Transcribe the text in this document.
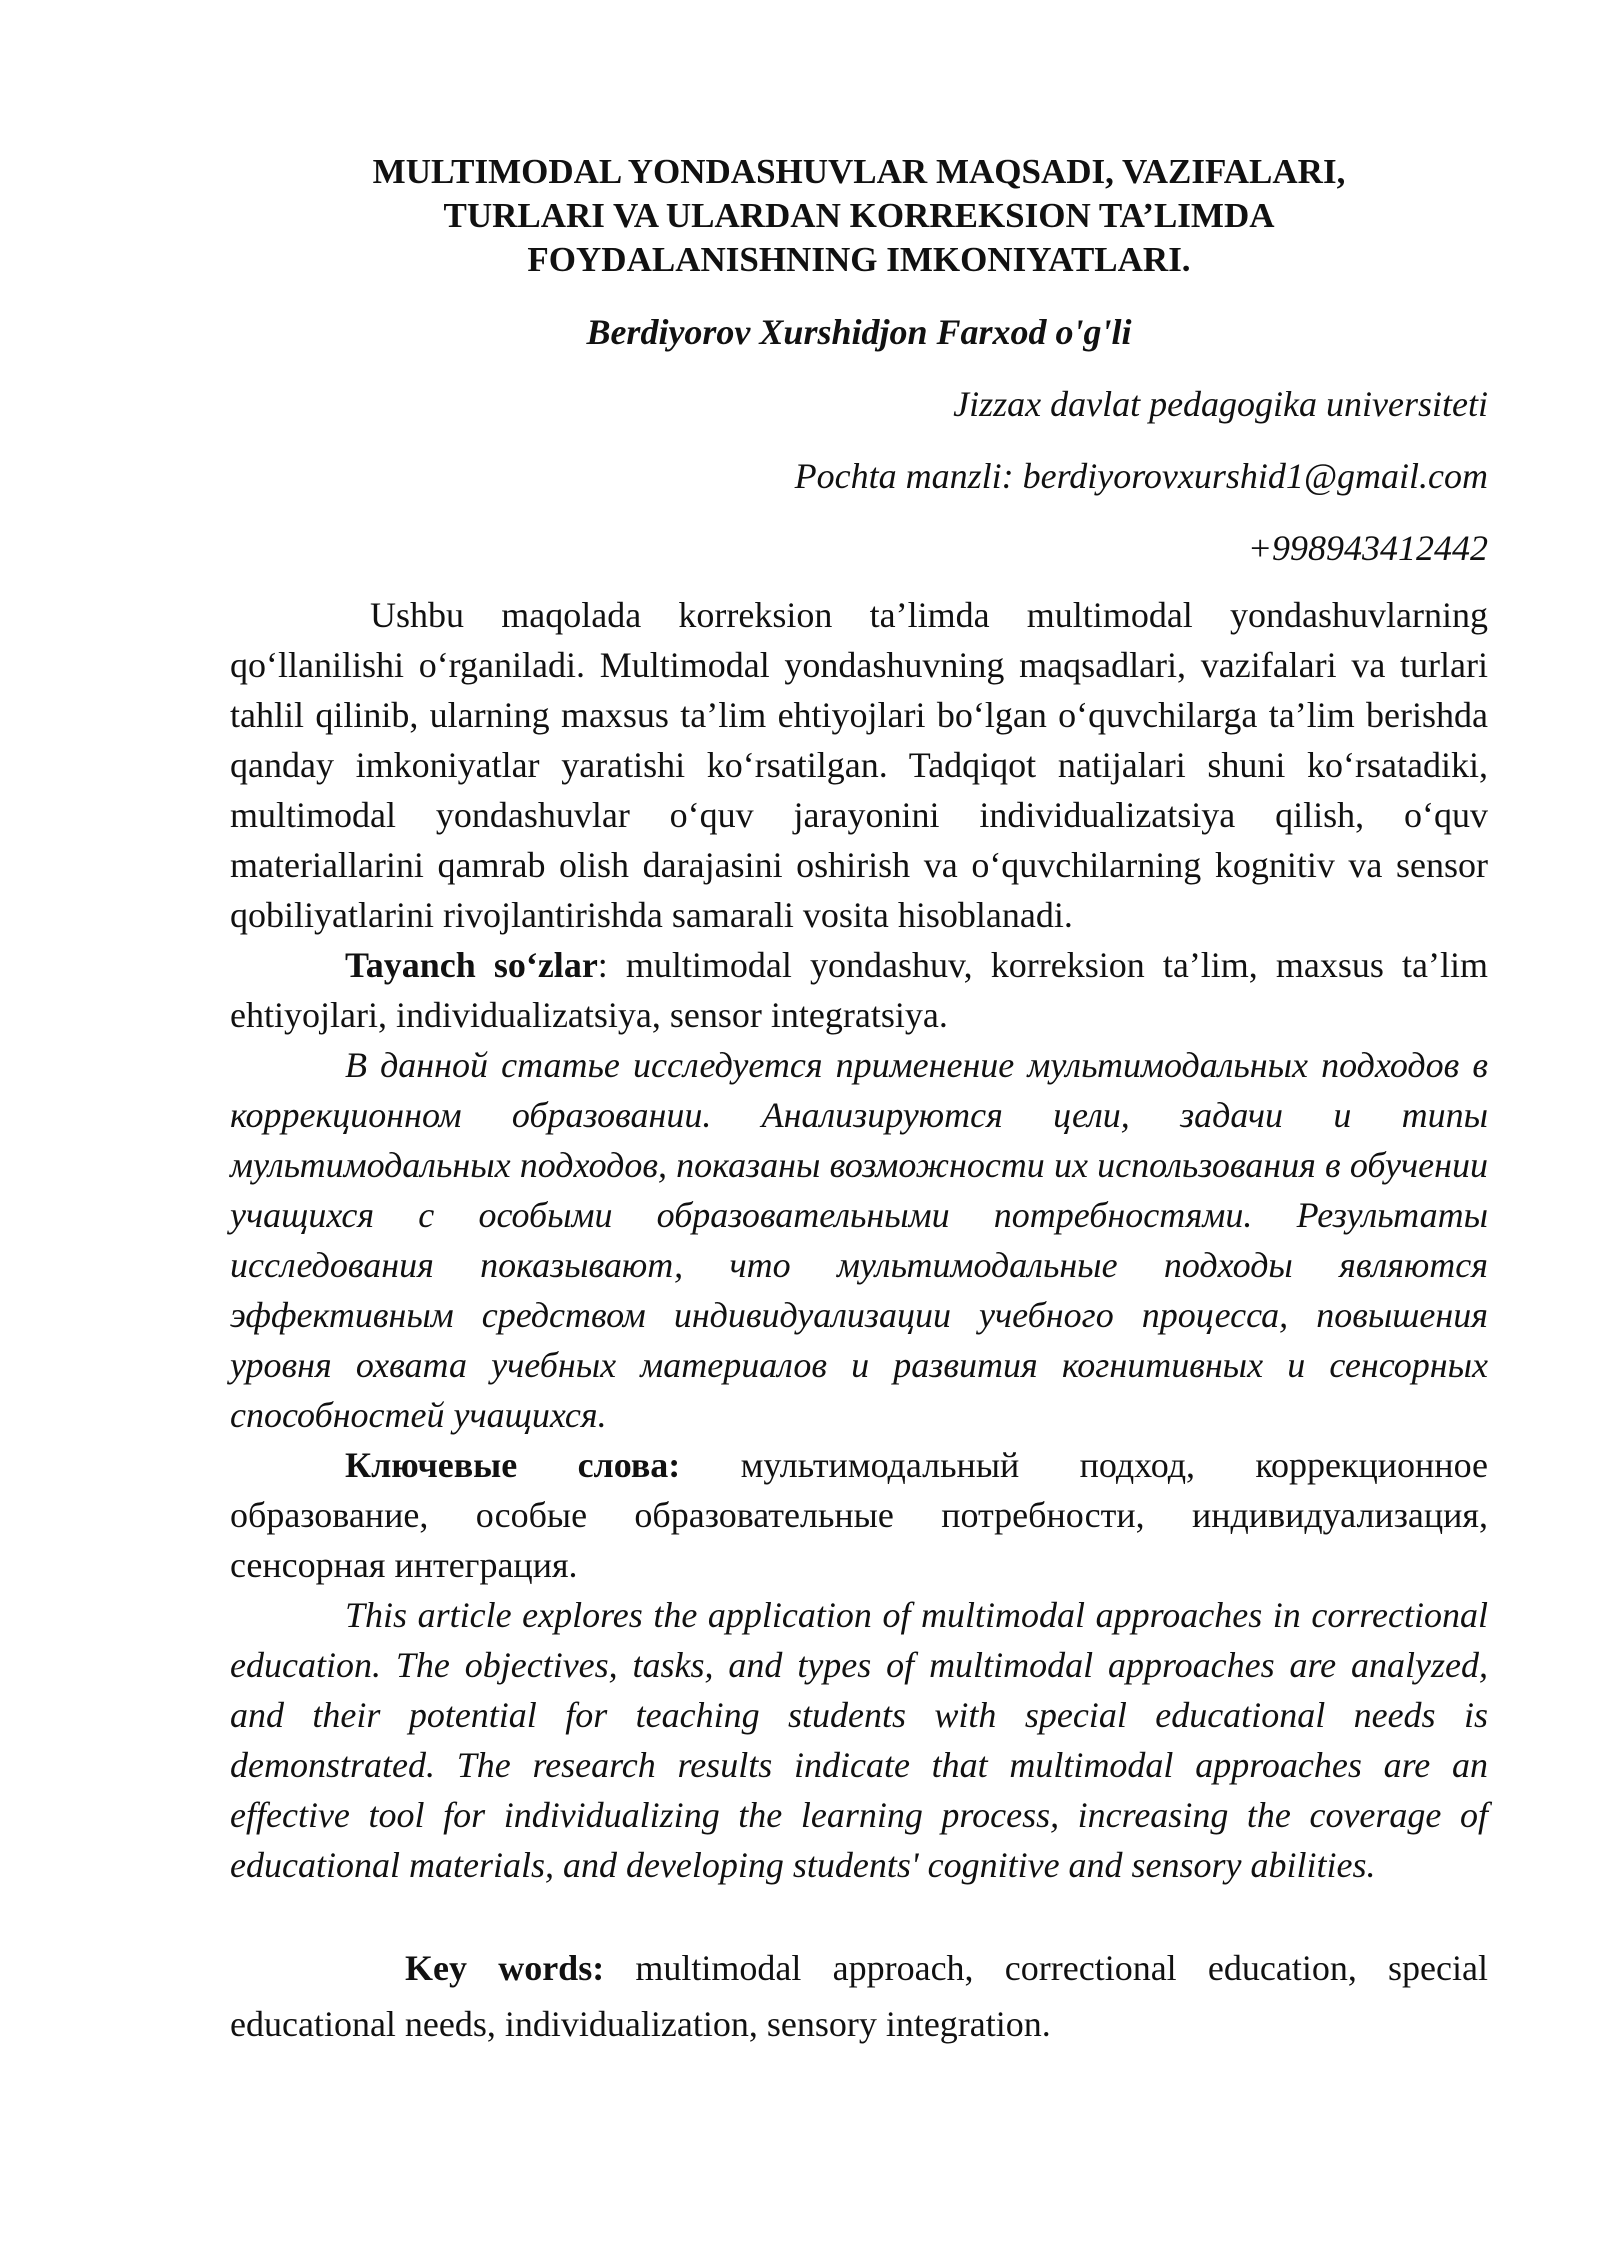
MULTIMODAL YONDASHUVLAR MAQSADI, VAZIFALARI,
TURLARI VA ULARDAN KORREKSION TA’LIMDA
FOYDALANISHNING IMKONIYATLARI.
Berdiyorov Xurshidjon Farxod o'g'li
Jizzax davlat pedagogika universiteti
Pochta manzli: berdiyorovxurshid1@gmail.com
+998943412442

Ushbu maqolada korreksion ta’limda multimodal yondashuvlarning qo‘llanilishi o‘rganiladi. Multimodal yondashuvning maqsadlari, vazifalari va turlari tahlil qilinib, ularning maxsus ta’lim ehtiyojlari bo‘lgan o‘quvchilarga ta’lim berishda qanday imkoniyatlar yaratishi ko‘rsatilgan. Tadqiqot natijalari shuni ko‘rsatadiki, multimodal yondashuvlar o‘quv jarayonini individualizatsiya qilish, o‘quv materiallarini qamrab olish darajasini oshirish va o‘quvchilarning kognitiv va sensor qobiliyatlarini rivojlantirishda samarali vosita hisoblanadi.

Tayanch so‘zlar: multimodal yondashuv, korreksion ta’lim, maxsus ta’lim ehtiyojlari, individualizatsiya, sensor integratsiya.

В данной статье исследуется применение мультимодальных подходов в коррекционном образовании. Анализируются цели, задачи и типы мультимодальных подходов, показаны возможности их использования в обучении учащихся с особыми образовательными потребностями. Результаты исследования показывают, что мультимодальные подходы являются эффективным средством индивидуализации учебного процесса, повышения уровня охвата учебных материалов и развития когнитивных и сенсорных способностей учащихся.

Ключевые слова: мультимодальный подход, коррекционное образование, особые образовательные потребности, индивидуализация, сенсорная интеграция.

This article explores the application of multimodal approaches in correctional education. The objectives, tasks, and types of multimodal approaches are analyzed, and their potential for teaching students with special educational needs is demonstrated. The research results indicate that multimodal approaches are an effective tool for individualizing the learning process, increasing the coverage of educational materials, and developing students' cognitive and sensory abilities.

Key words: multimodal approach, correctional education, special educational needs, individualization, sensory integration.
